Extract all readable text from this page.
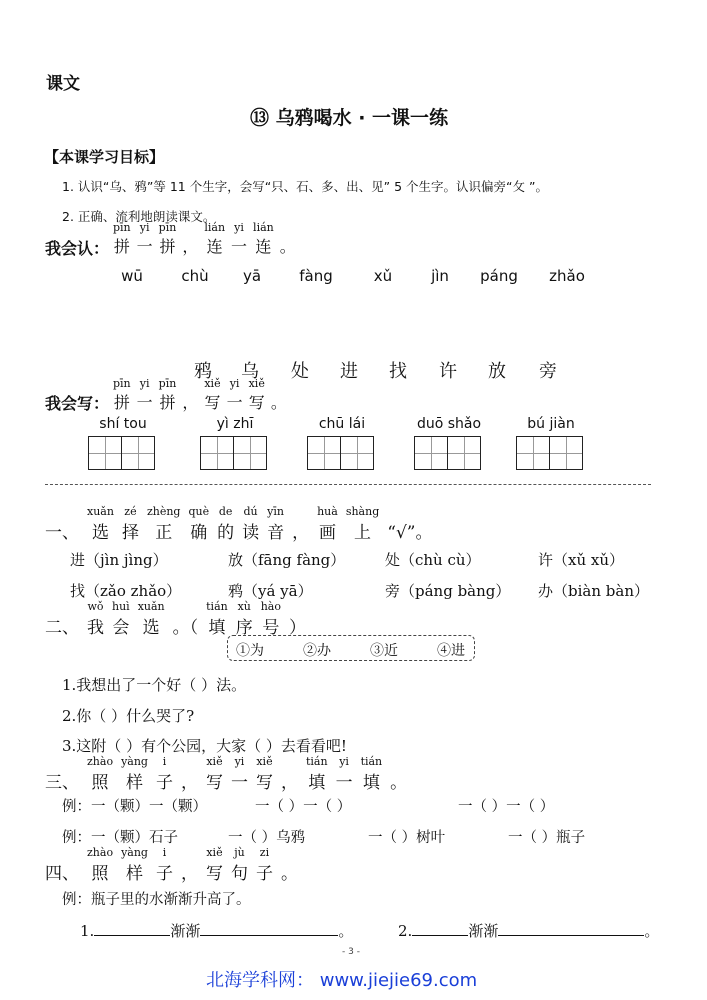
课文
⑬ 乌鸦喝水 · 一课一练
【本课学习目标】
1. 认识“乌、鸦”等 11 个生字，会写“只、石、多、出、见” 5 个生字。认识偏旁“攵 ”。
2. 正确、流利地朗读课文。
我会认：
pīn
拼
yi
一
pīn
拼 ，
lián
连
yi
一
lián
连 。
wū	chù	yā	fàng	xǔ	jìn	páng	zhǎo
鸦	乌	处	进	找	许	放	旁
我会写：
pīn
拼
yi
一
pīn
拼 ，
xiě
写
yi
一
xiě
写 。
shí tou	yì zhī	chū lái	duō shǎo	bú jiàn
一、
xuǎn
选
zé
择
zhèng
正
què
确
de
的
dú
读
yīn
音 ，
huà
画
shàng
上 “√”。
进（jìn jìng）	放（fāng fàng）	处（chù cù）	许（xǔ xǔ）
找（zǎo zhǎo）	鸦（yá yā）	旁（páng bàng） 办（biàn bàn）
二、
wǒ
我
huì
会
xuǎn
选 。（
tián
填
xù
序
hào
号 ）
①为	②办	③近	④进
1.我想出了一个好（ ）法。
2.你（ ）什么哭了?
3.这附（ ）有个公园，大家（ ）去看看吧!
三、
zhào
照
yàng
样
i
子 ，
xiě
写
yi
一
xiě
写 ，
tián
填
yi
一
tián
填 。
例：一（颗）一（颗）	一（ ）一（ ）	一（ ）一（ ）
例：一（颗）石子	一（ ）乌鸦	一（ ）树叶	一（ ）瓶子
四、
zhào
照
yàng
样
i
子 ，
xiě
写
jù
句
zi
子 。
例：瓶子里的水渐渐升高了。
1.	渐渐	。	2.	渐渐	。
- 3 -
北海学科网： www.jiejie69.com
